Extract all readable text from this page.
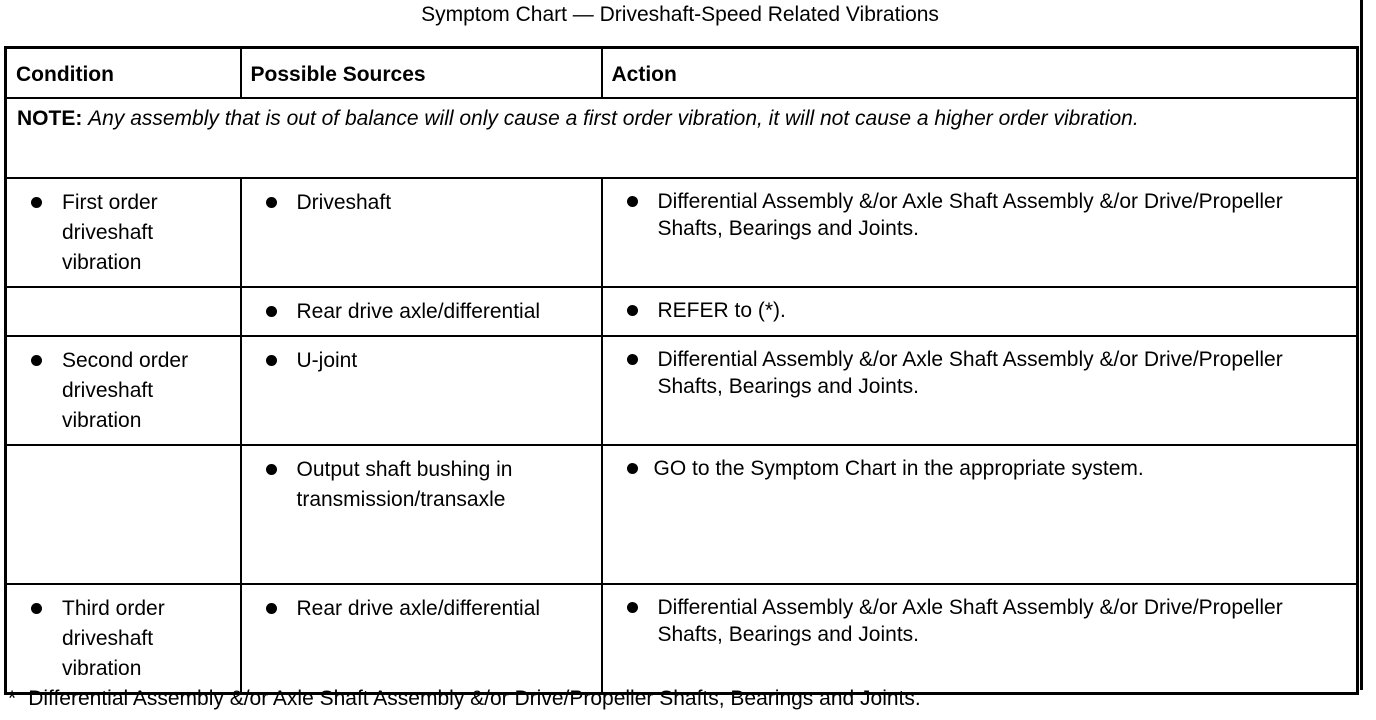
Symptom Chart — Driveshaft-Speed Related Vibrations
Condition	Possible Sources	Action
NOTE: Any assembly that is out of balance will only cause a first order vibration, it will not cause a higher order vibration.		

First order driveshaft vibration	Driveshaft	Differential Assembly &/or Axle Shaft Assembly &/or Drive/Propeller Shafts, Bearings and Joints.

	Rear drive axle/differential	REFER to (*).

Second order driveshaft vibration	U-joint	Differential Assembly &/or Axle Shaft Assembly &/or Drive/Propeller Shafts, Bearings and Joints.

	Output shaft bushing in transmission/transaxle	GO to the Symptom Chart in the appropriate system.

Third order driveshaft vibration	Rear drive axle/differential	Differential Assembly &/or Axle Shaft Assembly &/or Drive/Propeller Shafts, Bearings and Joints.
* Differential Assembly &/or Axle Shaft Assembly &/or Drive/Propeller Shafts, Bearings and Joints.
